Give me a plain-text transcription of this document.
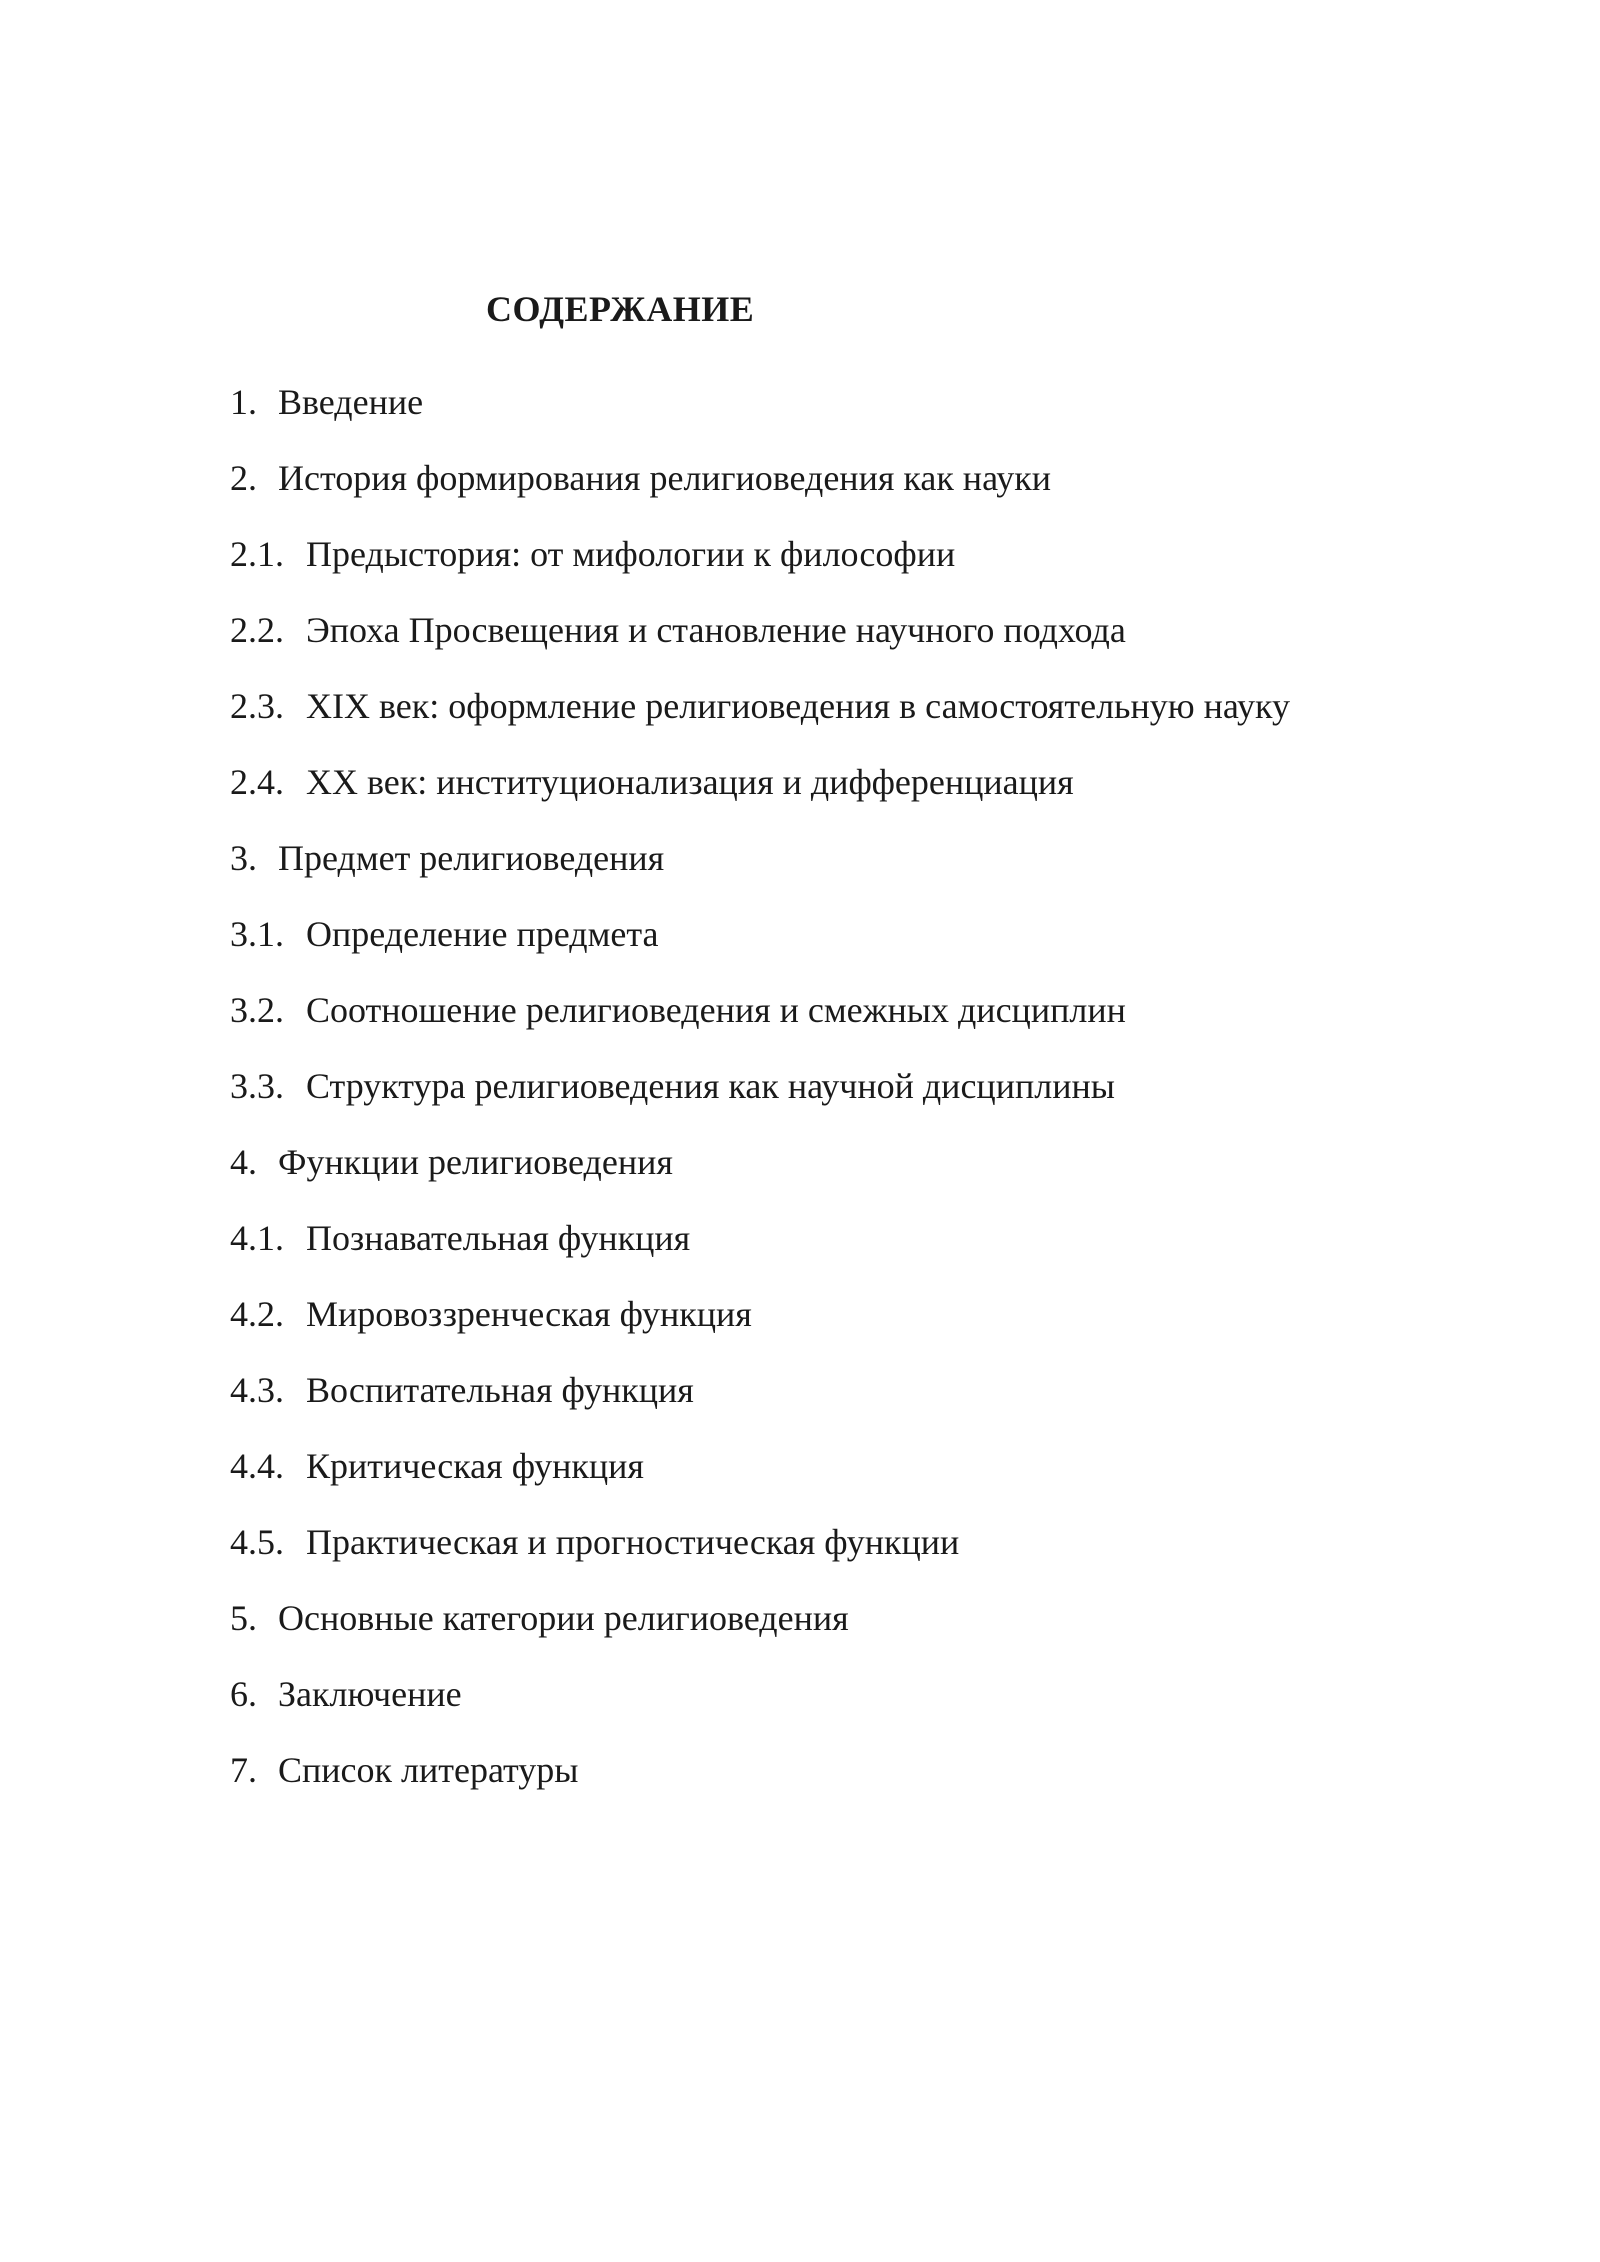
СОДЕРЖАНИЕ
1. Введение
2. История формирования религиоведения как науки
2.1. Предыстория: от мифологии к философии
2.2. Эпоха Просвещения и становление научного подхода
2.3. XIX век: оформление религиоведения в самостоятельную науку
2.4. XX век: институционализация и дифференциация
3. Предмет религиоведения
3.1. Определение предмета
3.2. Соотношение религиоведения и смежных дисциплин
3.3. Структура религиоведения как научной дисциплины
4. Функции религиоведения
4.1. Познавательная функция
4.2. Мировоззренческая функция
4.3. Воспитательная функция
4.4. Критическая функция
4.5. Практическая и прогностическая функции
5. Основные категории религиоведения
6. Заключение
7. Список литературы
